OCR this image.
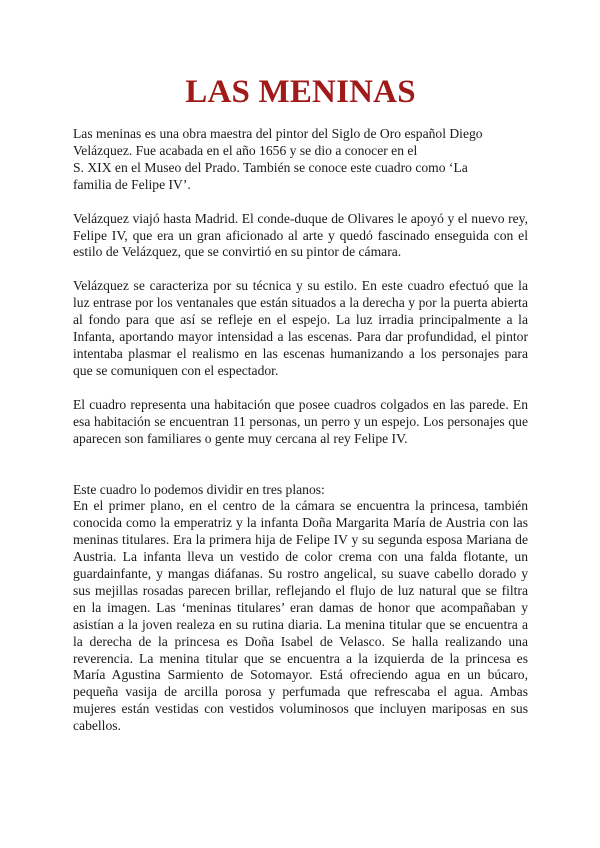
LAS MENINAS

Las meninas es una obra maestra del pintor del Siglo de Oro español Diego
Velázquez. Fue acabada en el año 1656 y se dio a conocer en el
S. XIX en el Museo del Prado. También se conoce este cuadro como ‘La
familia de Felipe IV’.

Velázquez viajó hasta Madrid. El conde-duque de Olivares le apoyó y el nuevo rey, Felipe IV, que era un gran aficionado al arte y quedó fascinado enseguida con el estilo de Velázquez, que se convirtió en su pintor de cámara.

Velázquez se caracteriza por su técnica y su estilo. En este cuadro efectuó que la luz entrase por los ventanales que están situados a la derecha y por la puerta abierta al fondo para que así se refleje en el espejo. La luz irradia principalmente a la Infanta, aportando mayor intensidad a las escenas. Para dar profundidad, el pintor intentaba plasmar el realismo en las escenas humanizando a los personajes para que se comuniquen con el espectador.

El cuadro representa una habitación que posee cuadros colgados en las parede. En esa habitación se encuentran 11 personas, un perro y un espejo. Los personajes que aparecen son familiares o gente muy cercana al rey Felipe IV.

Este cuadro lo podemos dividir en tres planos:

En el primer plano, en el centro de la cámara se encuentra la princesa, también conocida como la emperatriz y la infanta Doña Margarita María de Austria con las meninas titulares. Era la primera hija de Felipe IV y su segunda esposa Mariana de Austria. La infanta lleva un vestido de color crema con una falda flotante, un guardainfante, y mangas diáfanas. Su rostro angelical, su suave cabello dorado y sus mejillas rosadas parecen brillar, reflejando el flujo de luz natural que se filtra en la imagen. Las ‘meninas titulares’ eran damas de honor que acompañaban y asistían a la joven realeza en su rutina diaria. La menina titular que se encuentra a la derecha de la princesa es Doña Isabel de Velasco. Se halla realizando una reverencia. La menina titular que se encuentra a la izquierda de la princesa es María Agustina Sarmiento de Sotomayor. Está ofreciendo agua en un búcaro, pequeña vasija de arcilla porosa y perfumada que refrescaba el agua. Ambas mujeres están vestidas con vestidos voluminosos que incluyen mariposas en sus cabellos.
